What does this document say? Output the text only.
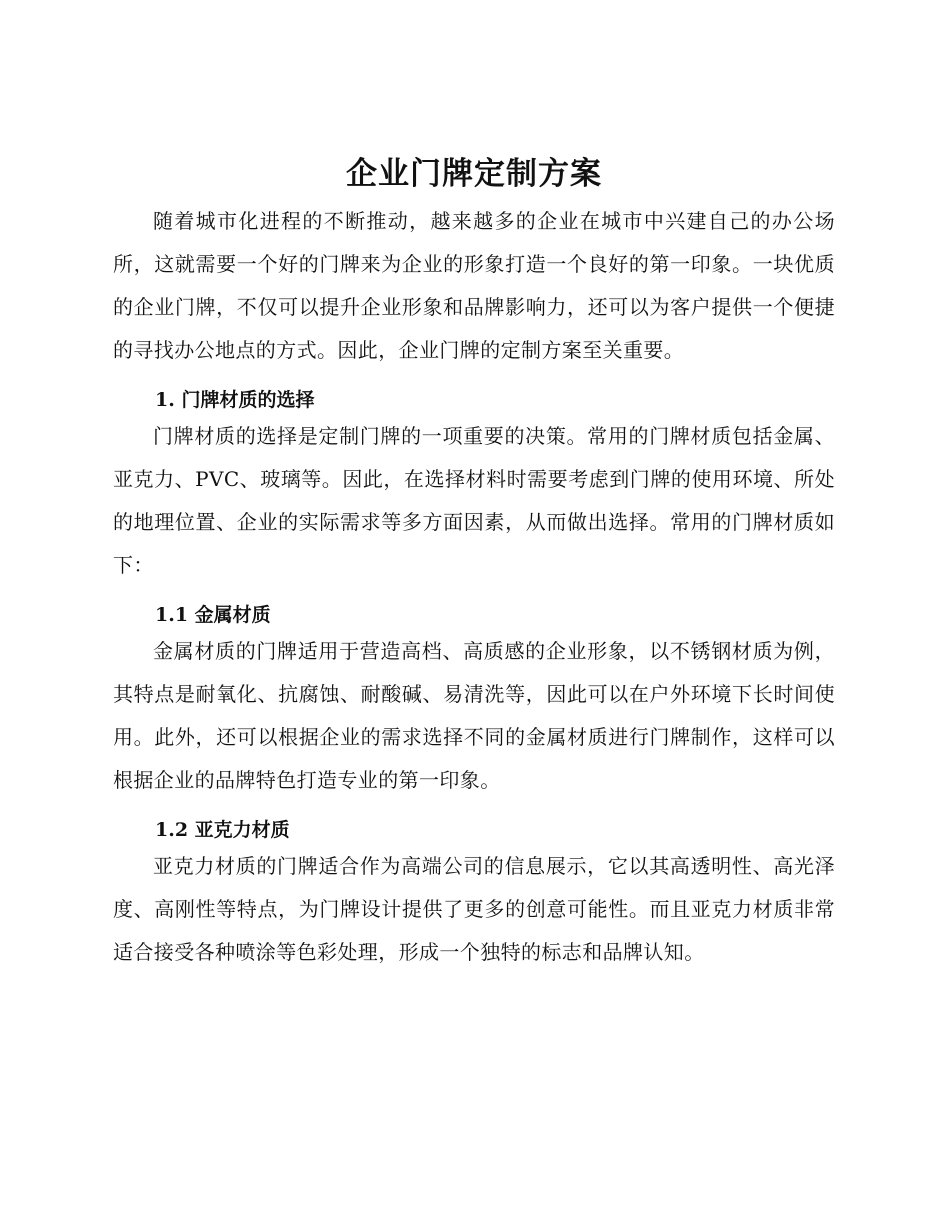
企业门牌定制方案

随着城市化进程的不断推动，越来越多的企业在城市中兴建自己的办公场所，这就需要一个好的门牌来为企业的形象打造一个良好的第一印象。一块优质的企业门牌，不仅可以提升企业形象和品牌影响力，还可以为客户提供一个便捷的寻找办公地点的方式。因此，企业门牌的定制方案至关重要。

1. 门牌材质的选择

门牌材质的选择是定制门牌的一项重要的决策。常用的门牌材质包括金属、亚克力、PVC、玻璃等。因此，在选择材料时需要考虑到门牌的使用环境、所处的地理位置、企业的实际需求等多方面因素，从而做出选择。常用的门牌材质如下：

1.1 金属材质

金属材质的门牌适用于营造高档、高质感的企业形象，以不锈钢材质为例，其特点是耐氧化、抗腐蚀、耐酸碱、易清洗等，因此可以在户外环境下长时间使用。此外，还可以根据企业的需求选择不同的金属材质进行门牌制作，这样可以根据企业的品牌特色打造专业的第一印象。

1.2 亚克力材质

亚克力材质的门牌适合作为高端公司的信息展示，它以其高透明性、高光泽度、高刚性等特点，为门牌设计提供了更多的创意可能性。而且亚克力材质非常适合接受各种喷涂等色彩处理，形成一个独特的标志和品牌认知。
